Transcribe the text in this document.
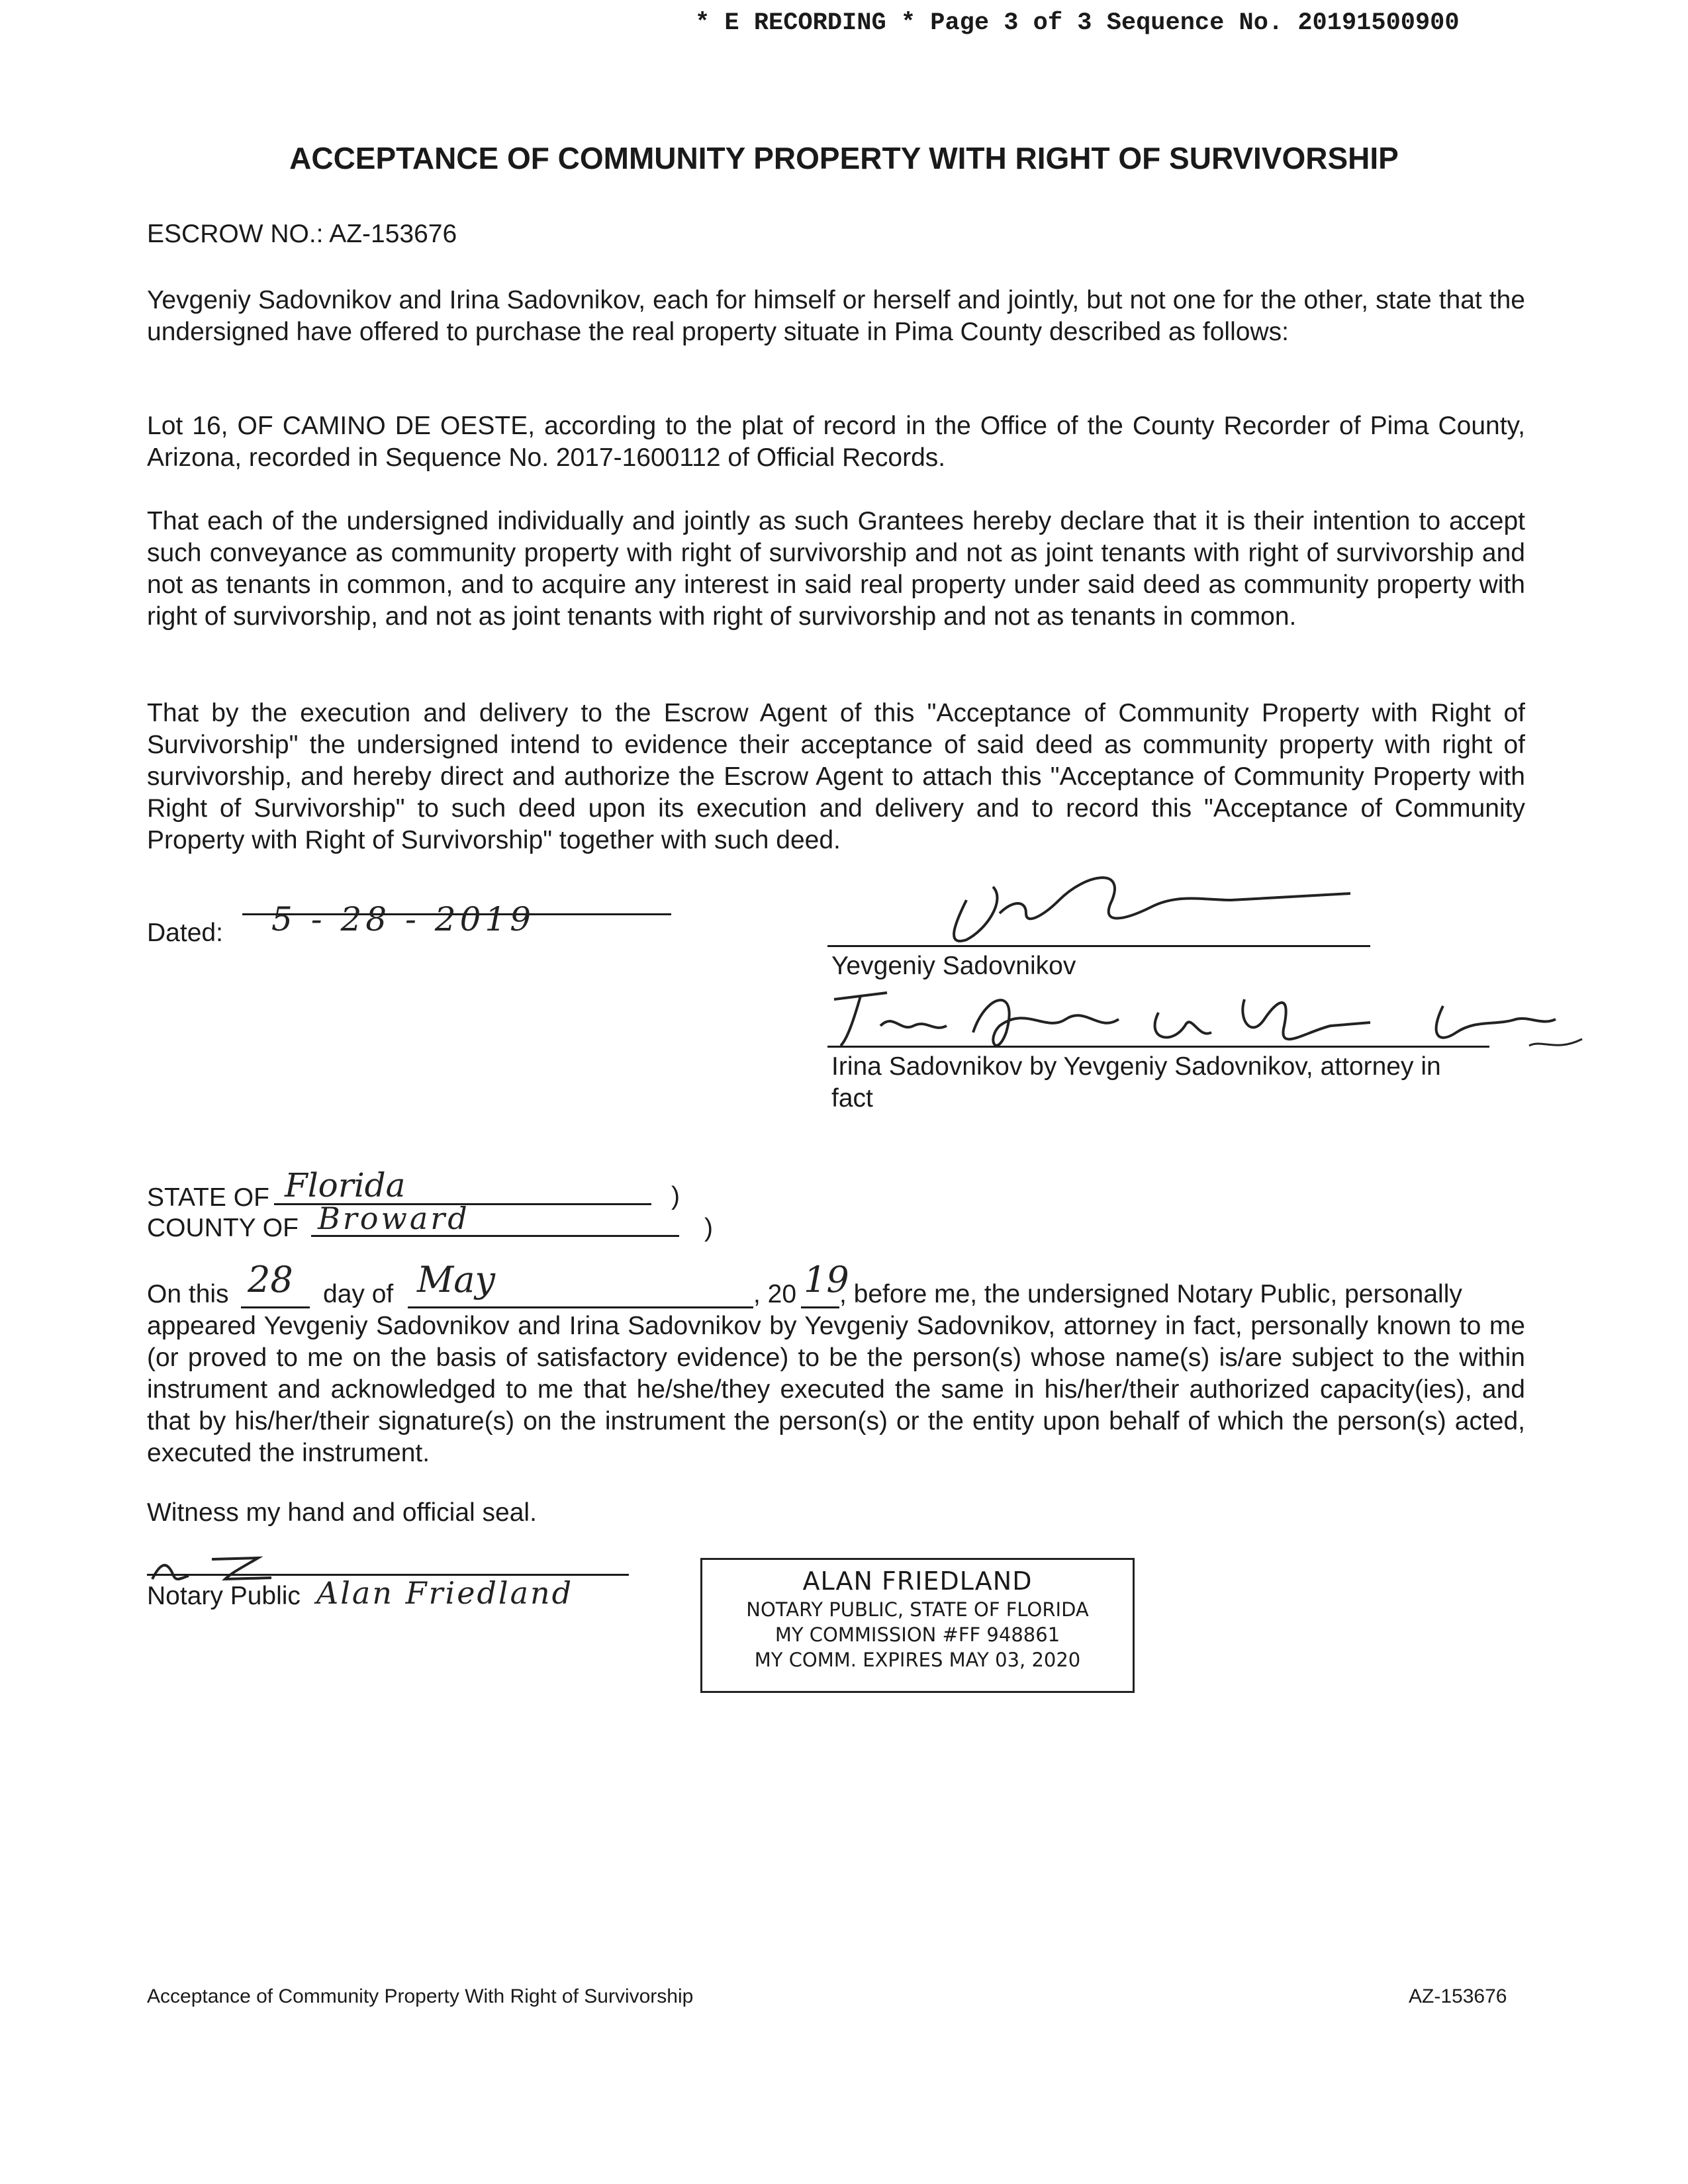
* E RECORDING * Page 3 of 3 Sequence No. 20191500900
ACCEPTANCE OF COMMUNITY PROPERTY WITH RIGHT OF SURVIVORSHIP
ESCROW NO.: AZ-153676
Yevgeniy Sadovnikov and Irina Sadovnikov, each for himself or herself and jointly, but not one for the other, state that the undersigned have offered to purchase the real property situate in Pima County described as follows:
Lot 16, OF CAMINO DE OESTE, according to the plat of record in the Office of the County Recorder of Pima County, Arizona, recorded in Sequence No. 2017-1600112 of Official Records.
That each of the undersigned individually and jointly as such Grantees hereby declare that it is their intention to accept such conveyance as community property with right of survivorship and not as joint tenants with right of survivorship and not as tenants in common, and to acquire any interest in said real property under said deed as community property with right of survivorship, and not as joint tenants with right of survivorship and not as tenants in common.
That by the execution and delivery to the Escrow Agent of this "Acceptance of Community Property with Right of Survivorship" the undersigned intend to evidence their acceptance of said deed as community property with right of survivorship, and hereby direct and authorize the Escrow Agent to attach this "Acceptance of Community Property with Right of Survivorship" to such deed upon its execution and delivery and to record this "Acceptance of Community Property with Right of Survivorship" together with such deed.
Dated: 5 - 28 - 2019
Yevgeniy Sadovnikov
Irina Sadovnikov by Yevgeniy Sadovnikov, attorney in
fact
STATE OF Florida	)
COUNTY OF Broward	)
On this 28 day of May	, 20 19
, before me, the undersigned Notary Public, personally
appeared Yevgeniy Sadovnikov and Irina Sadovnikov by Yevgeniy Sadovnikov, attorney in fact, personally known to me (or proved to me on the basis of satisfactory evidence) to be the person(s) whose name(s) is/are subject to the within instrument and acknowledged to me that he/she/they executed the same in his/her/their authorized capacity(ies), and that by his/her/their signature(s) on the instrument the person(s) or the entity upon behalf of which the person(s) acted, executed the instrument.
Witness my hand and official seal.
Notary Public Alan Friedland	ALAN FRIEDLAND
NOTARY PUBLIC, STATE OF FLORIDA
MY COMMISSION #FF 948861
MY COMM. EXPIRES MAY 03, 2020
Acceptance of Community Property With Right of Survivorship	AZ-153676
